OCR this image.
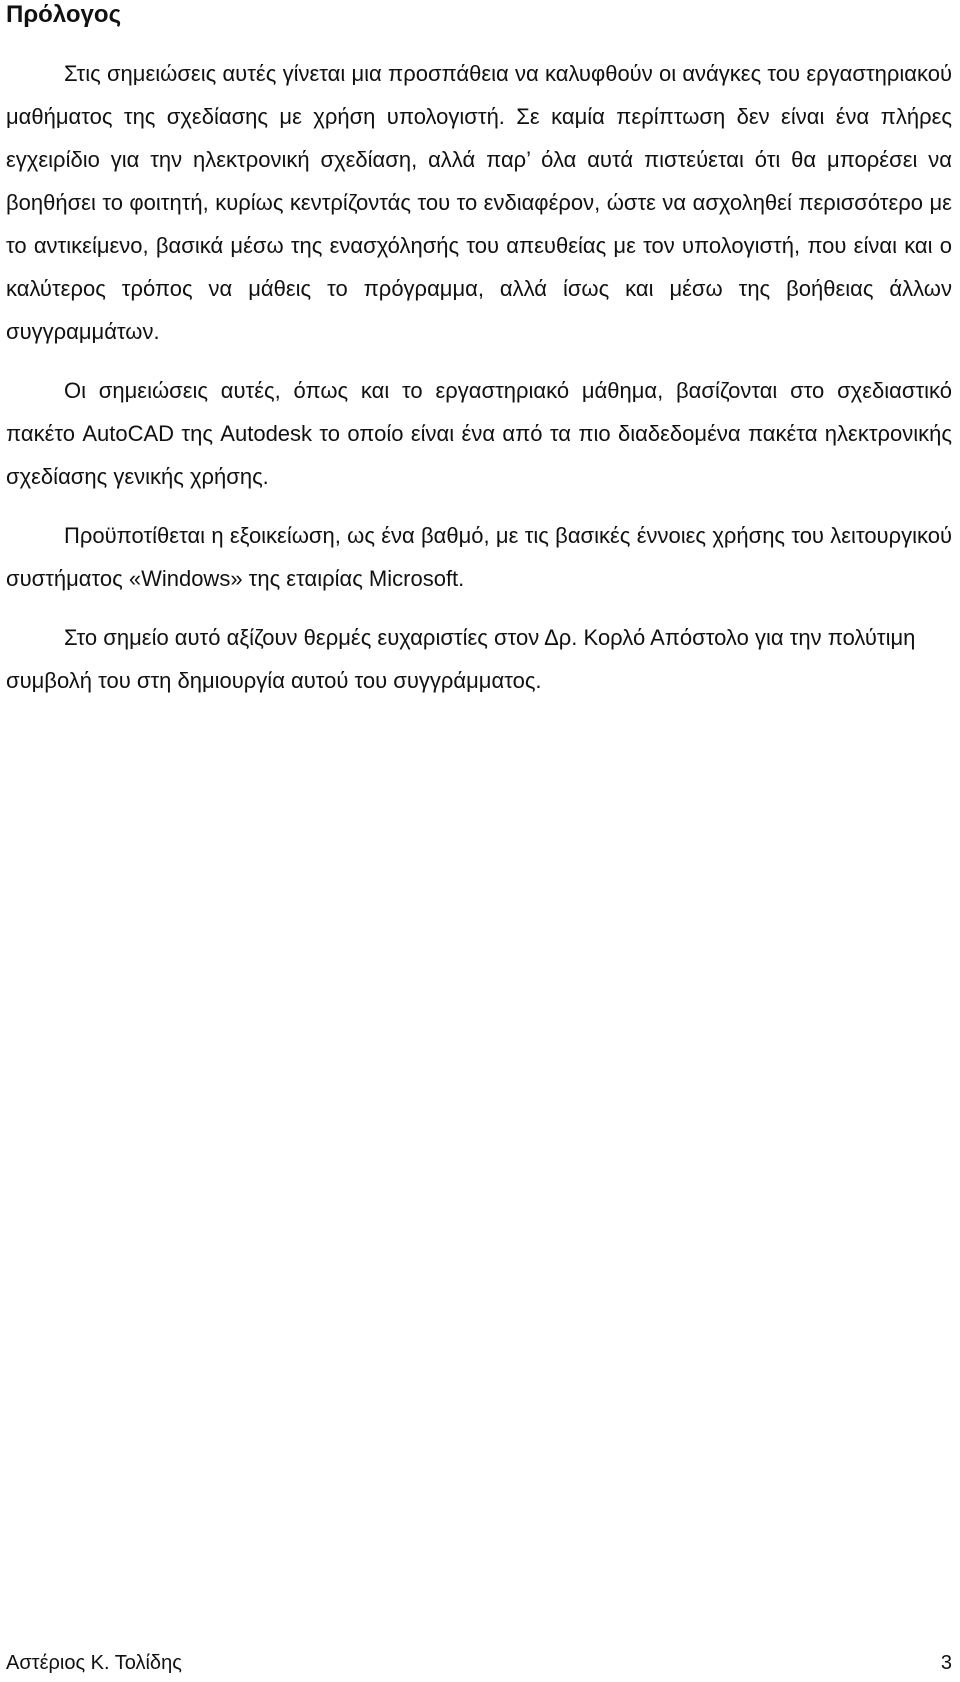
Πρόλογος

Στις σημειώσεις αυτές γίνεται μια προσπάθεια να καλυφθούν οι ανάγκες του εργαστηριακού μαθήματος της σχεδίασης με χρήση υπολογιστή. Σε καμία περίπτωση δεν είναι ένα πλήρες εγχειρίδιο για την ηλεκτρονική σχεδίαση, αλλά παρ’ όλα αυτά πιστεύεται ότι θα μπορέσει να βοηθήσει το φοιτητή, κυρίως κεντρίζοντάς του το ενδιαφέρον, ώστε να ασχοληθεί περισσότερο με το αντικείμενο, βασικά μέσω της ενασχόλησής του απευθείας με τον υπολογιστή, που είναι και ο καλύτερος τρόπος να μάθεις το πρόγραμμα, αλλά ίσως και μέσω της βοήθειας άλλων συγγραμμάτων.

Οι σημειώσεις αυτές, όπως και το εργαστηριακό μάθημα, βασίζονται στο σχεδιαστικό πακέτο AutoCAD της Autodesk το οποίο είναι ένα από τα πιο διαδεδομένα πακέτα ηλεκτρονικής σχεδίασης γενικής χρήσης.

Προϋποτίθεται η εξοικείωση, ως ένα βαθμό, με τις βασικές έννοιες χρήσης του λειτουργικού συστήματος «Windows» της εταιρίας Microsoft.

Στο σημείο αυτό αξίζουν θερμές ευχαριστίες στον Δρ. Κορλό Απόστολο για την πολύτιμη συμβολή του στη δημιουργία αυτού του συγγράμματος.

Αστέριος Κ. Τολίδης	3
